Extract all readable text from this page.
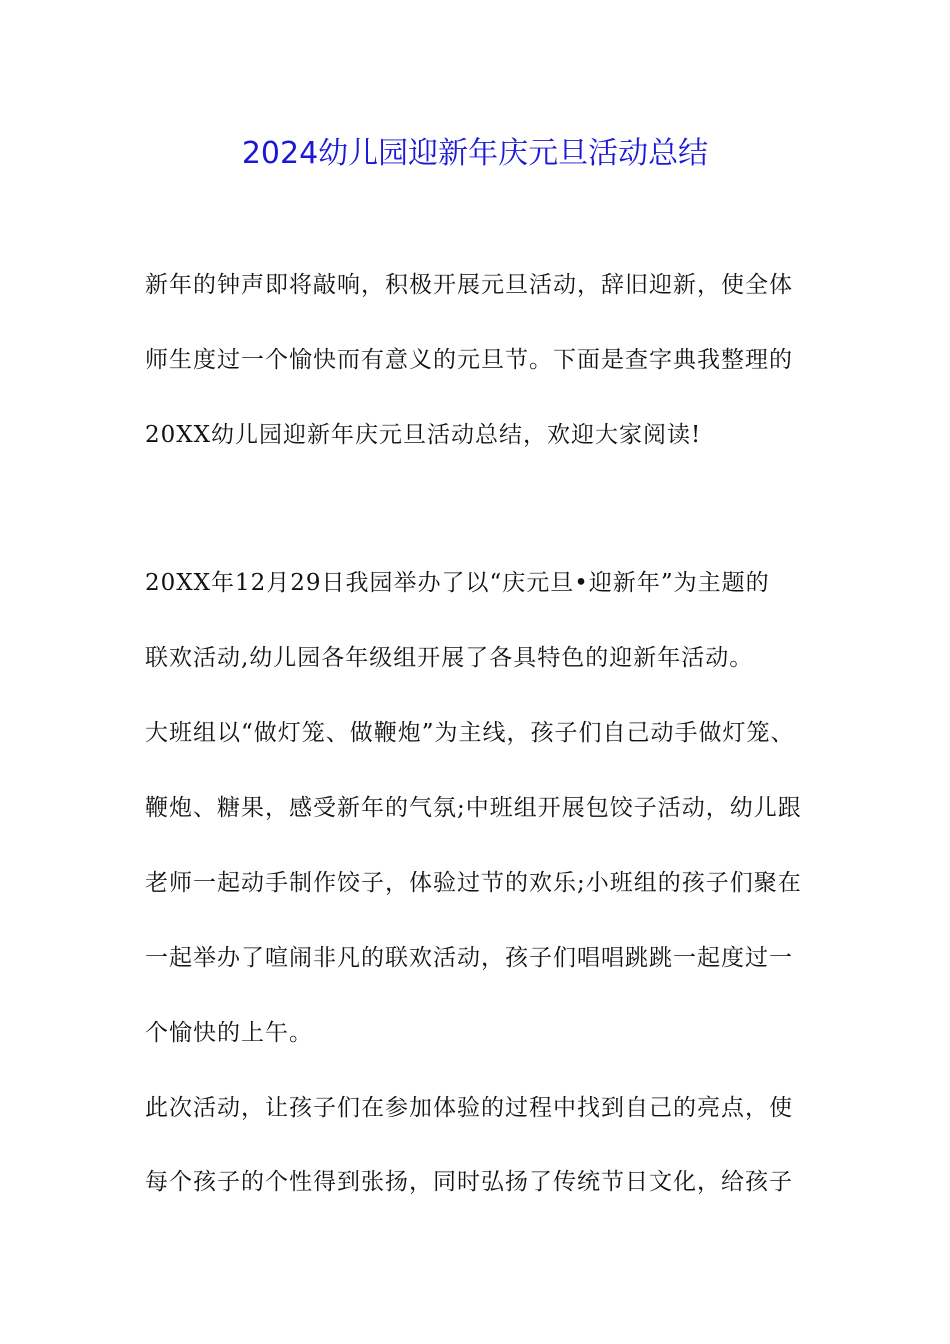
2024幼儿园迎新年庆元旦活动总结
新年的钟声即将敲响，积极开展元旦活动，辞旧迎新，使全体
师生度过一个愉快而有意义的元旦节。下面是查字典我整理的
20XX幼儿园迎新年庆元旦活动总结，欢迎大家阅读!
20XX年12月29日我园举办了以“庆元旦•迎新年”为主题的
联欢活动,幼儿园各年级组开展了各具特色的迎新年活动。
大班组以“做灯笼、做鞭炮”为主线，孩子们自己动手做灯笼、
鞭炮、糖果，感受新年的气氛;中班组开展包饺子活动，幼儿跟
老师一起动手制作饺子，体验过节的欢乐;小班组的孩子们聚在
一起举办了喧闹非凡的联欢活动，孩子们唱唱跳跳一起度过一
个愉快的上午。
此次活动，让孩子们在参加体验的过程中找到自己的亮点，使
每个孩子的个性得到张扬，同时弘扬了传统节日文化，给孩子
